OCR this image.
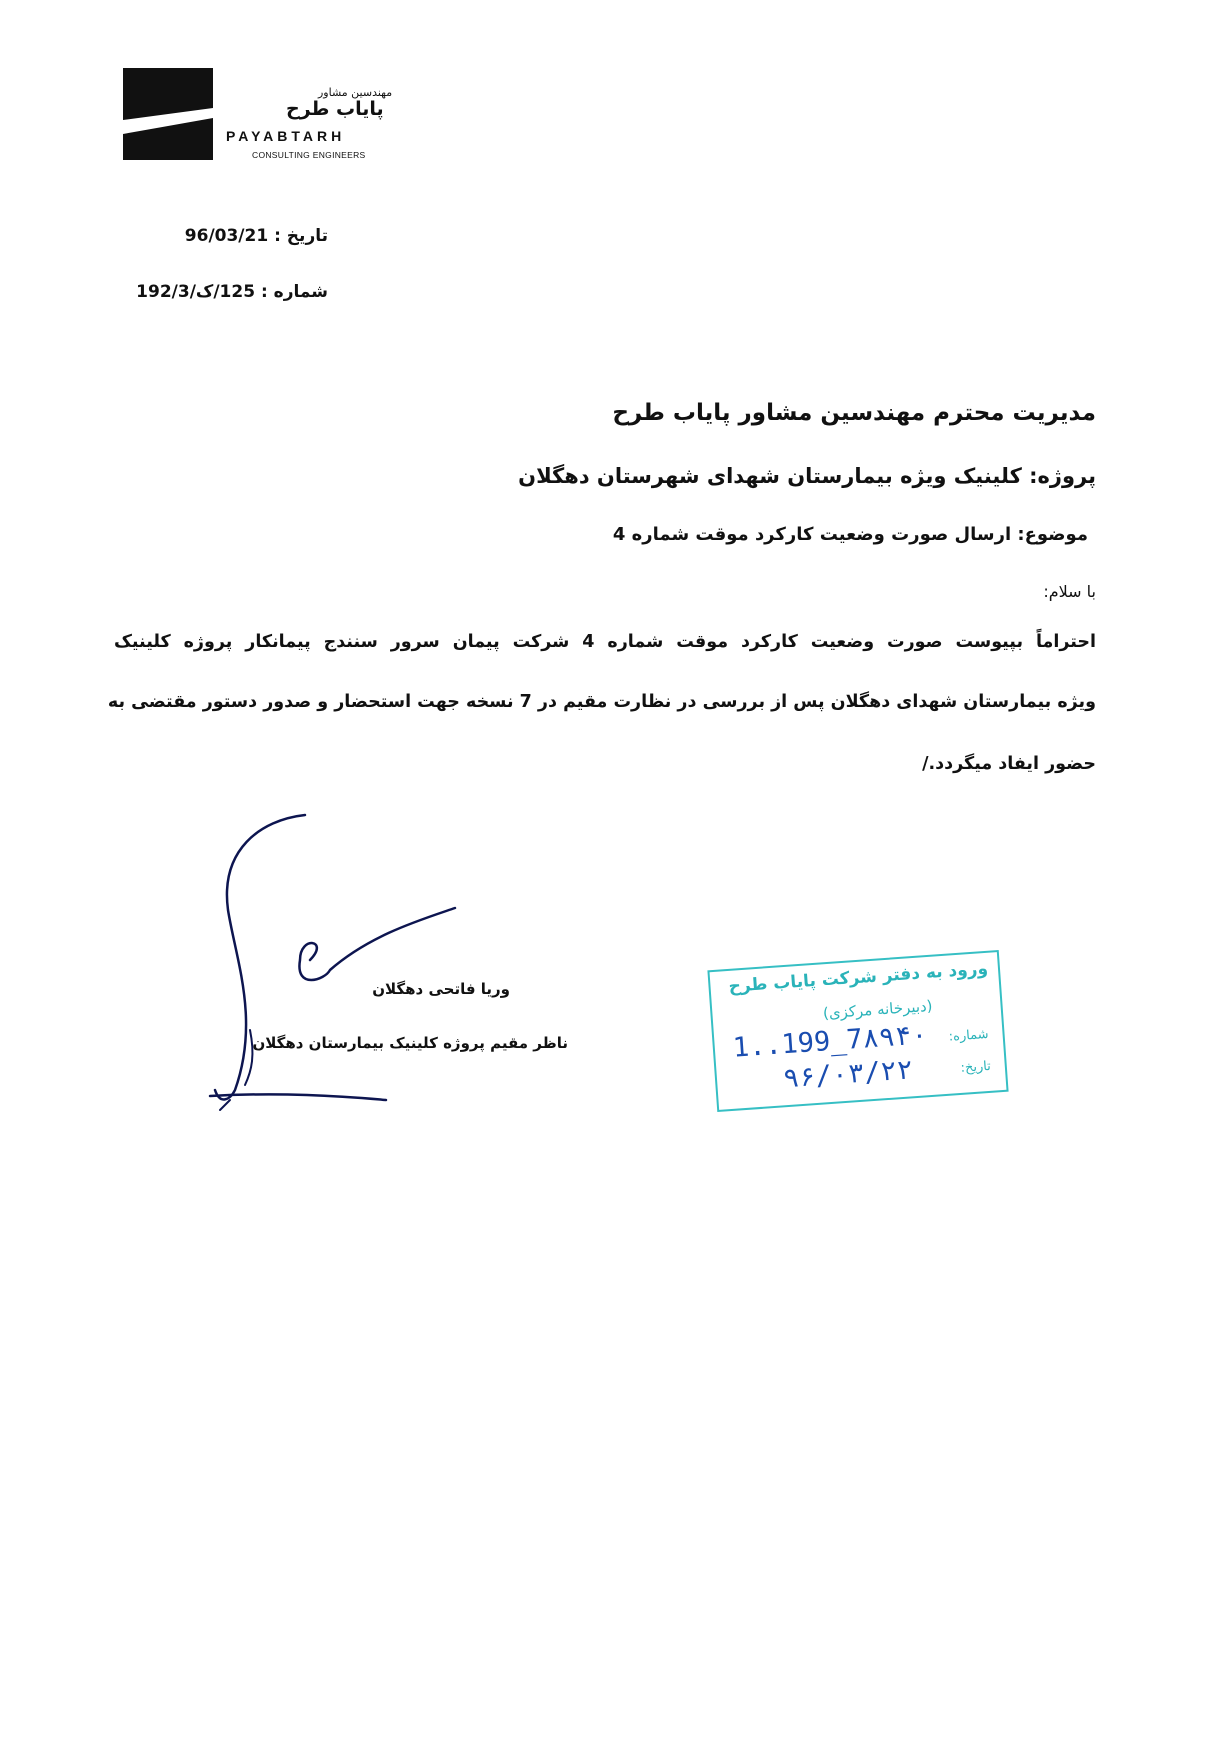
مهندسین مشاور
پایاب طرح
PAYABTARH
CONSULTING ENGINEERS
تاریخ : 96/03/21
شماره : 125/ک/192/3
مدیریت محترم مهندسین مشاور پایاب طرح
پروژه: کلینیک ویژه بیمارستان شهدای شهرستان دهگلان
موضوع: ارسال صورت وضعیت کارکرد موقت شماره 4
با سلام:
احتراماً بپیوست صورت وضعیت کارکرد موقت شماره 4 شرکت پیمان سرور سنندج پیمانکار پروژه کلینیک
ویژه بیمارستان شهدای دهگلان پس از بررسی در نظارت مقیم در 7 نسخه جهت استحضار و صدور دستور مقتضی به
حضور ایفاد میگردد./
وریا فاتحی دهگلان
ناظر مقیم پروژه کلینیک بیمارستان دهگلان
ورود به دفتر شرکت پایاب طرح
(دبیرخانه مرکزی)
شماره:
تاریخ:
1..199_7۸۹۴۰
۹۶/۰۳/۲۲
